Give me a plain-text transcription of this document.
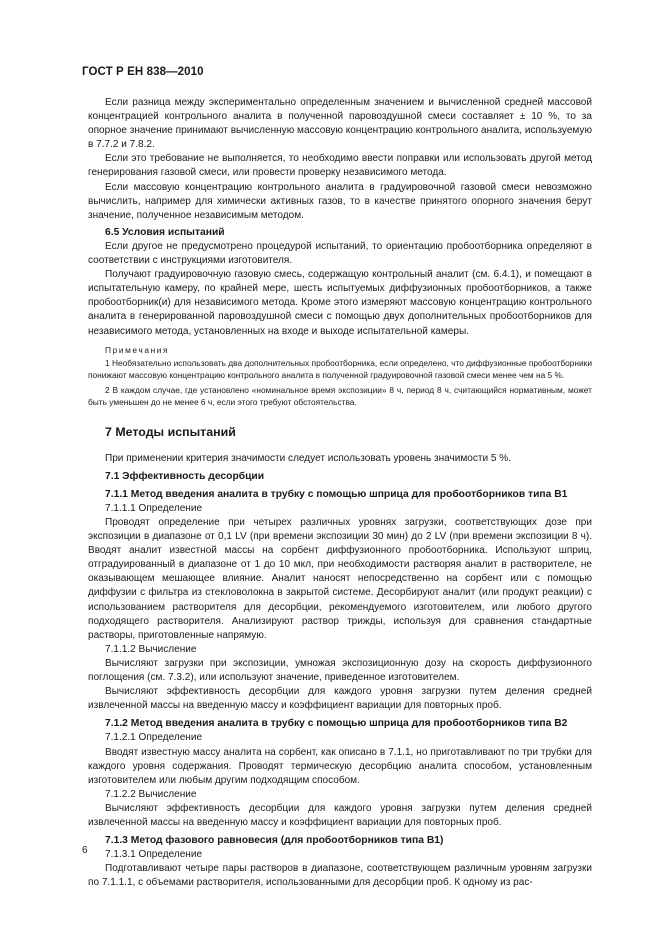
ГОСТ Р ЕН 838—2010

Если разница между экспериментально определенным значением и вычисленной средней массовой концентрацией контрольного аналита в полученной паровоздушной смеси составляет ± 10 %, то за опорное значение принимают вычисленную массовую концентрацию контрольного аналита, используемую в 7.7.2 и 7.8.2.

Если это требование не выполняется, то необходимо ввести поправки или использовать другой метод генерирования газовой смеси, или провести проверку независимого метода.

Если массовую концентрацию контрольного аналита в градуировочной газовой смеси невозможно вычислить, например для химически активных газов, то в качестве принятого опорного значения берут значение, полученное независимым методом.

6.5 Условия испытаний

Если другое не предусмотрено процедурой испытаний, то ориентацию пробоотборника определяют в соответствии с инструкциями изготовителя.

Получают градуировочную газовую смесь, содержащую контрольный аналит (см. 6.4.1), и помещают в испытательную камеру, по крайней мере, шесть испытуемых диффузионных пробоотборников, а также пробоотборник(и) для независимого метода. Кроме этого измеряют массовую концентрацию контрольного аналита в генерированной паровоздушной смеси с помощью двух дополнительных пробоотборников для независимого метода, установленных на входе и выходе испытательной камеры.

Примечания

1 Необязательно использовать два дополнительных пробоотборника, если определено, что диффузионные пробоотборники понижают массовую концентрацию контрольного аналита в полученной градуировочной газовой смеси менее чем на 5 %.

2 В каждом случае, где установлено «номинальное время экспозиции» 8 ч, период 8 ч, считающийся нормативным, может быть уменьшен до не менее 6 ч, если этого требуют обстоятельства.

7 Методы испытаний

При применении критерия значимости следует использовать уровень значимости 5 %.

7.1 Эффективность десорбции
7.1.1 Метод введения аналита в трубку с помощью шприца для пробоотборников типа В1
7.1.1.1 Определение

Проводят определение при четырех различных уровнях загрузки, соответствующих дозе при экспозиции в диапазоне от 0,1 LV (при времени экспозиции 30 мин) до 2 LV (при времени экспозиции 8 ч). Вводят аналит известной массы на сорбент диффузионного пробоотборника. Используют шприц, отградуированный в диапазоне от 1 до 10 мкл, при необходимости растворяя аналит в растворителе, не оказывающем мешающее влияние. Аналит наносят непосредственно на сорбент или с помощью диффузии с фильтра из стекловолокна в закрытой системе. Десорбируют аналит (или продукт реакции) с использованием растворителя для десорбции, рекомендуемого изготовителем, или любого другого подходящего растворителя. Анализируют раствор трижды, используя для сравнения стандартные растворы, приготовленные напрямую.

7.1.1.2 Вычисление

Вычисляют загрузки при экспозиции, умножая экспозиционную дозу на скорость диффузионного поглощения (см. 7.3.2), или используют значение, приведенное изготовителем.

Вычисляют эффективность десорбции для каждого уровня загрузки путем деления средней извлеченной массы на введенную массу и коэффициент вариации для повторных проб.

7.1.2 Метод введения аналита в трубку с помощью шприца для пробоотборников типа В2
7.1.2.1 Определение

Вводят известную массу аналита на сорбент, как описано в 7.1.1, но приготавливают по три трубки для каждого уровня содержания. Проводят термическую десорбцию аналита способом, установленным изготовителем или любым другим подходящим способом.

7.1.2.2 Вычисление

Вычисляют эффективность десорбции для каждого уровня загрузки путем деления средней извлеченной массы на введенную массу и коэффициент вариации для повторных проб.

7.1.3 Метод фазового равновесия (для пробоотборников типа В1)
7.1.3.1 Определение

Подготавливают четыре пары растворов в диапазоне, соответствующем различным уровням загрузки по 7.1.1.1, с объемами растворителя, использованными для десорбции проб. К одному из рас-

6
